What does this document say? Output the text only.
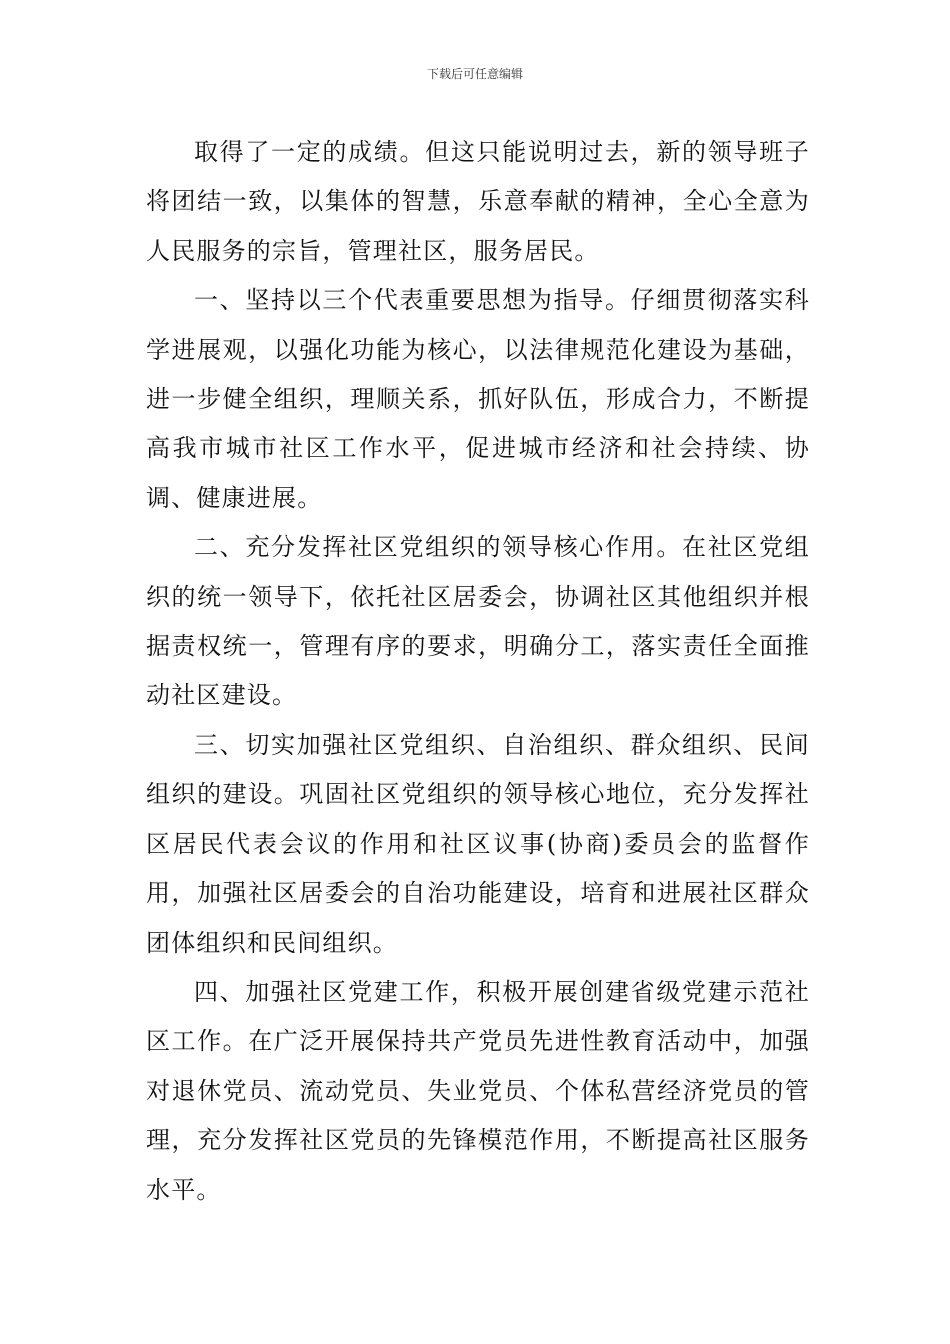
下载后可任意编辑

取得了一定的成绩。但这只能说明过去，新的领导班子将团结一致，以集体的智慧，乐意奉献的精神，全心全意为人民服务的宗旨，管理社区，服务居民。

一、坚持以三个代表重要思想为指导。仔细贯彻落实科学进展观，以强化功能为核心，以法律规范化建设为基础，进一步健全组织，理顺关系，抓好队伍，形成合力，不断提高我市城市社区工作水平，促进城市经济和社会持续、协调、健康进展。

二、充分发挥社区党组织的领导核心作用。在社区党组织的统一领导下，依托社区居委会，协调社区其他组织并根据责权统一，管理有序的要求，明确分工，落实责任全面推动社区建设。

三、切实加强社区党组织、自治组织、群众组织、民间组织的建设。巩固社区党组织的领导核心地位，充分发挥社区居民代表会议的作用和社区议事(协商)委员会的监督作用，加强社区居委会的自治功能建设，培育和进展社区群众团体组织和民间组织。

四、加强社区党建工作，积极开展创建省级党建示范社区工作。在广泛开展保持共产党员先进性教育活动中，加强对退休党员、流动党员、失业党员、个体私营经济党员的管理，充分发挥社区党员的先锋模范作用，不断提高社区服务水平。
